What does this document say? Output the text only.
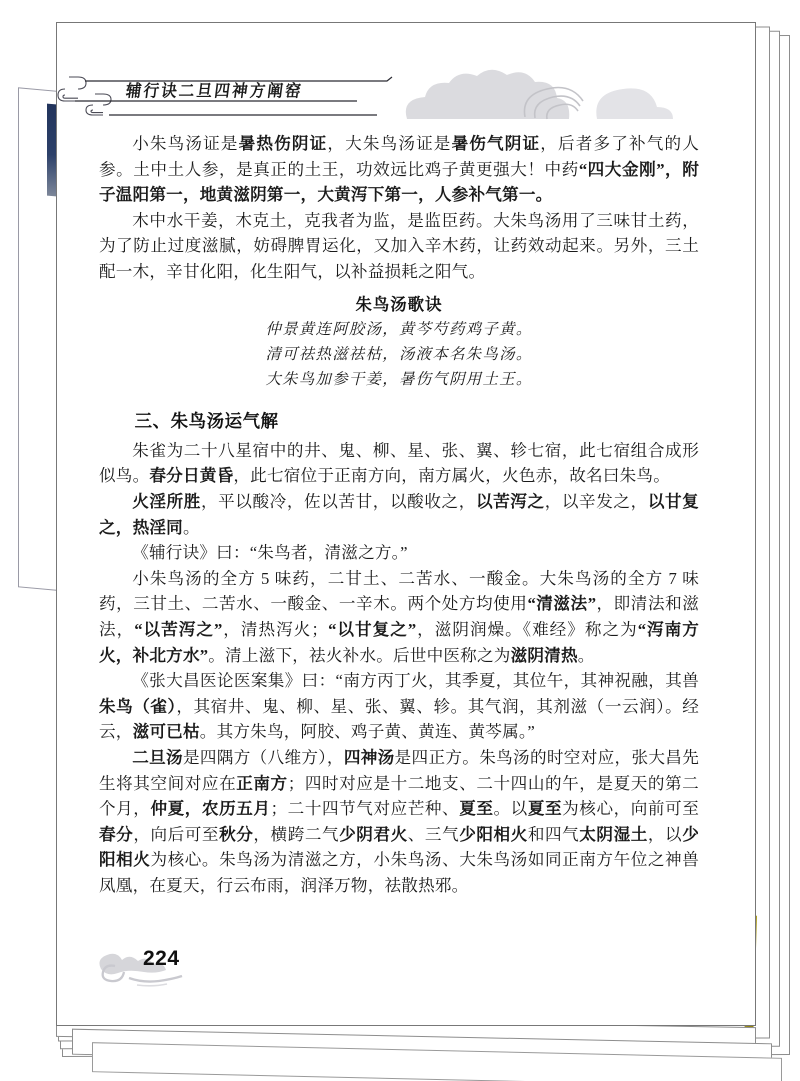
辅行诀二旦四神方阐窑

小朱鸟汤证是暑热伤阴证，大朱鸟汤证是暑伤气阴证，后者多了补气的人参。土中土人参，是真正的土王，功效远比鸡子黄更强大！中药“四大金刚”，附子温阳第一，地黄滋阴第一，大黄泻下第一，人参补气第一。

木中水干姜，木克土，克我者为监，是监臣药。大朱鸟汤用了三味甘土药，为了防止过度滋腻，妨碍脾胃运化，又加入辛木药，让药效动起来。另外，三土配一木，辛甘化阳，化生阳气，以补益损耗之阳气。

朱鸟汤歌诀
仲景黄连阿胶汤，黄芩芍药鸡子黄。
清可祛热滋祛枯，汤液本名朱鸟汤。
大朱鸟加参干姜，暑伤气阴用土王。
三、朱鸟汤运气解

朱雀为二十八星宿中的井、鬼、柳、星、张、翼、轸七宿，此七宿组合成形似鸟。春分日黄昏，此七宿位于正南方向，南方属火，火色赤，故名曰朱鸟。

火淫所胜，平以酸冷，佐以苦甘，以酸收之，以苦泻之，以辛发之，以甘复之，热淫同。

《辅行诀》曰：“朱鸟者，清滋之方。”

小朱鸟汤的全方 5 味药，二甘土、二苦水、一酸金。大朱鸟汤的全方 7 味药，三甘土、二苦水、一酸金、一辛木。两个处方均使用“清滋法”，即清法和滋法，“以苦泻之”，清热泻火；“以甘复之”，滋阴润燥。《难经》称之为“泻南方火，补北方水”。清上滋下，祛火补水。后世中医称之为滋阴清热。

《张大昌医论医案集》曰：“南方丙丁火，其季夏，其位午，其神祝融，其兽朱鸟（雀），其宿井、鬼、柳、星、张、翼、轸。其气润，其剂滋（一云润）。经云，滋可已枯。其方朱鸟，阿胶、鸡子黄、黄连、黄芩属。”

二旦汤是四隅方（八维方），四神汤是四正方。朱鸟汤的时空对应，张大昌先生将其空间对应在正南方；四时对应是十二地支、二十四山的午，是夏天的第二个月，仲夏，农历五月；二十四节气对应芒种、夏至。以夏至为核心，向前可至春分，向后可至秋分，横跨二气少阴君火、三气少阳相火和四气太阴湿土，以少阳相火为核心。朱鸟汤为清滋之方，小朱鸟汤、大朱鸟汤如同正南方午位之神兽凤凰，在夏天，行云布雨，润泽万物，祛散热邪。

224
